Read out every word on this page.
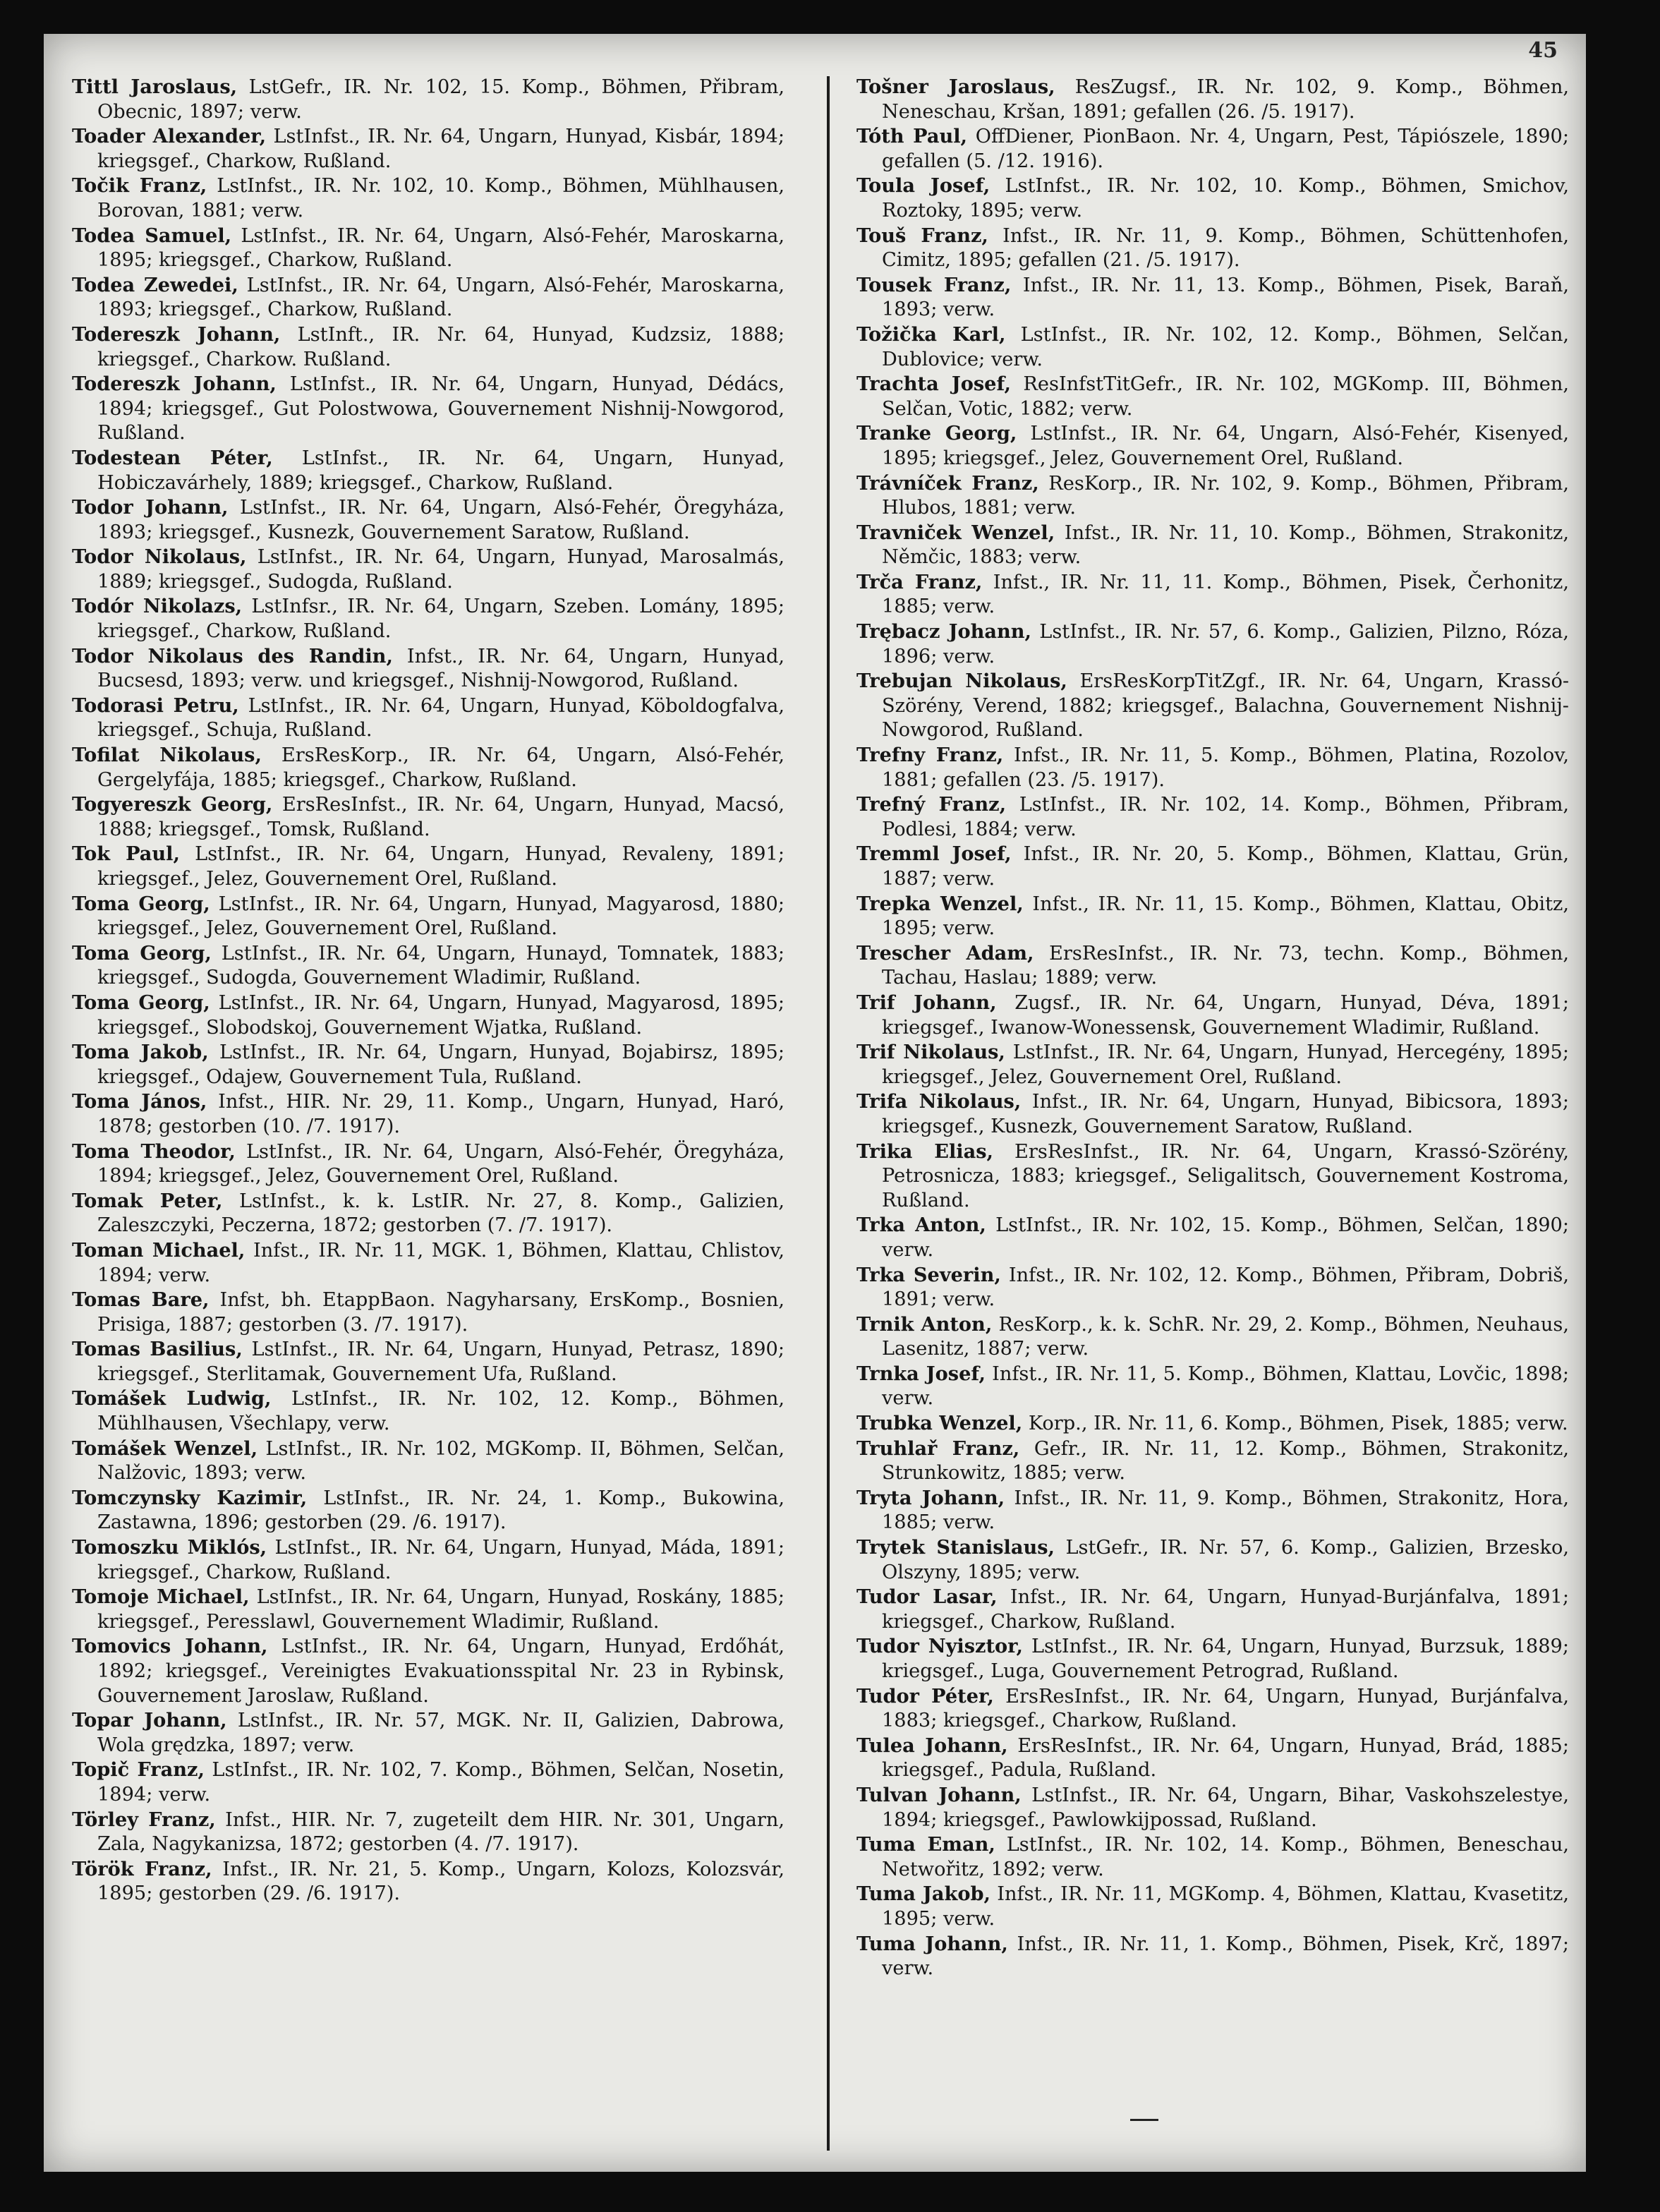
45

Tittl Jaroslaus, LstGefr., IR. Nr. 102, 15. Komp., Böhmen, Přibram, Obecnic, 1897; verw.

Toader Alexander, LstInfst., IR. Nr. 64, Ungarn, Hunyad, Kisbár, 1894; kriegsgef., Charkow, Rußland.

Točik Franz, LstInfst., IR. Nr. 102, 10. Komp., Böhmen, Mühlhausen, Borovan, 1881; verw.

Todea Samuel, LstInfst., IR. Nr. 64, Ungarn, Alsó-Fehér, Maroskarna, 1895; kriegsgef., Charkow, Rußland.

Todea Zewedei, LstInfst., IR. Nr. 64, Ungarn, Alsó-Fehér, Maroskarna, 1893; kriegsgef., Charkow, Rußland.

Todereszk Johann, LstInft., IR. Nr. 64, Hunyad, Kudzsiz, 1888; kriegsgef., Charkow. Rußland.

Todereszk Johann, LstInfst., IR. Nr. 64, Ungarn, Hunyad, Dédács, 1894; kriegsgef., Gut Polostwowa, Gouvernement Nishnij-Nowgorod, Rußland.

Todestean Péter, LstInfst., IR. Nr. 64, Ungarn, Hunyad, Hobiczavárhely, 1889; kriegsgef., Charkow, Rußland.

Todor Johann, LstInfst., IR. Nr. 64, Ungarn, Alsó-Fehér, Öregyháza, 1893; kriegsgef., Kusnezk, Gouvernement Saratow, Rußland.

Todor Nikolaus, LstInfst., IR. Nr. 64, Ungarn, Hunyad, Marosalmás, 1889; kriegsgef., Sudogda, Rußland.

Todór Nikolazs, LstInfsr., IR. Nr. 64, Ungarn, Szeben. Lomány, 1895; kriegsgef., Charkow, Rußland.

Todor Nikolaus des Randin, Infst., IR. Nr. 64, Ungarn, Hunyad, Bucsesd, 1893; verw. und kriegsgef., Nishnij-Nowgorod, Rußland.

Todorasi Petru, LstInfst., IR. Nr. 64, Ungarn, Hunyad, Köboldogfalva, kriegsgef., Schuja, Rußland.

Tofilat Nikolaus, ErsResKorp., IR. Nr. 64, Ungarn, Alsó-Fehér, Gergelyfája, 1885; kriegsgef., Charkow, Rußland.

Togyereszk Georg, ErsResInfst., IR. Nr. 64, Ungarn, Hunyad, Macsó, 1888; kriegsgef., Tomsk, Rußland.

Tok Paul, LstInfst., IR. Nr. 64, Ungarn, Hunyad, Revaleny, 1891; kriegsgef., Jelez, Gouvernement Orel, Rußland.

Toma Georg, LstInfst., IR. Nr. 64, Ungarn, Hunyad, Magyarosd, 1880; kriegsgef., Jelez, Gouvernement Orel, Rußland.

Toma Georg, LstInfst., IR. Nr. 64, Ungarn, Hunayd, Tomnatek, 1883; kriegsgef., Sudogda, Gouvernement Wladimir, Rußland.

Toma Georg, LstInfst., IR. Nr. 64, Ungarn, Hunyad, Magyarosd, 1895; kriegsgef., Slobodskoj, Gouvernement Wjatka, Rußland.

Toma Jakob, LstInfst., IR. Nr. 64, Ungarn, Hunyad, Bojabirsz, 1895; kriegsgef., Odajew, Gouvernement Tula, Rußland.

Toma János, Infst., HIR. Nr. 29, 11. Komp., Ungarn, Hunyad, Haró, 1878; gestorben (10. /7. 1917).

Toma Theodor, LstInfst., IR. Nr. 64, Ungarn, Alsó-Fehér, Öregyháza, 1894; kriegsgef., Jelez, Gouvernement Orel, Rußland.

Tomak Peter, LstInfst., k. k. LstIR. Nr. 27, 8. Komp., Galizien, Zaleszczyki, Peczerna, 1872; gestorben (7. /7. 1917).

Toman Michael, Infst., IR. Nr. 11, MGK. 1, Böhmen, Klattau, Chlistov, 1894; verw.

Tomas Bare, Infst, bh. EtappBaon. Nagyharsany, ErsKomp., Bosnien, Prisiga, 1887; gestorben (3. /7. 1917).

Tomas Basilius, LstInfst., IR. Nr. 64, Ungarn, Hunyad, Petrasz, 1890; kriegsgef., Sterlitamak, Gouvernement Ufa, Rußland.

Tomášek Ludwig, LstInfst., IR. Nr. 102, 12. Komp., Böhmen, Mühlhausen, Všechlapy, verw.

Tomášek Wenzel, LstInfst., IR. Nr. 102, MGKomp. II, Böhmen, Selčan, Nalžovic, 1893; verw.

Tomczynsky Kazimir, LstInfst., IR. Nr. 24, 1. Komp., Bukowina, Zastawna, 1896; gestorben (29. /6. 1917).

Tomoszku Miklós, LstInfst., IR. Nr. 64, Ungarn, Hunyad, Máda, 1891; kriegsgef., Charkow, Rußland.

Tomoje Michael, LstInfst., IR. Nr. 64, Ungarn, Hunyad, Roskány, 1885; kriegsgef., Peresslawl, Gouvernement Wladimir, Rußland.

Tomovics Johann, LstInfst., IR. Nr. 64, Ungarn, Hunyad, Erdőhát, 1892; kriegsgef., Vereinigtes Evakuationsspital Nr. 23 in Rybinsk, Gouvernement Jaroslaw, Rußland.

Topar Johann, LstInfst., IR. Nr. 57, MGK. Nr. II, Galizien, Dabrowa, Wola grędzka, 1897; verw.

Topič Franz, LstInfst., IR. Nr. 102, 7. Komp., Böhmen, Selčan, Nosetin, 1894; verw.

Törley Franz, Infst., HIR. Nr. 7, zugeteilt dem HIR. Nr. 301, Ungarn, Zala, Nagykanizsa, 1872; gestorben (4. /7. 1917).

Török Franz, Infst., IR. Nr. 21, 5. Komp., Ungarn, Kolozs, Kolozsvár, 1895; gestorben (29. /6. 1917).

Tošner Jaroslaus, ResZugsf., IR. Nr. 102, 9. Komp., Böhmen, Neneschau, Kršan, 1891; gefallen (26. /5. 1917).

Tóth Paul, OffDiener, PionBaon. Nr. 4, Ungarn, Pest, Tápiószele, 1890; gefallen (5. /12. 1916).

Toula Josef, LstInfst., IR. Nr. 102, 10. Komp., Böhmen, Smichov, Roztoky, 1895; verw.

Touš Franz, Infst., IR. Nr. 11, 9. Komp., Böhmen, Schüttenhofen, Cimitz, 1895; gefallen (21. /5. 1917).

Tousek Franz, Infst., IR. Nr. 11, 13. Komp., Böhmen, Pisek, Baraň, 1893; verw.

Tožička Karl, LstInfst., IR. Nr. 102, 12. Komp., Böhmen, Selčan, Dublovice; verw.

Trachta Josef, ResInfstTitGefr., IR. Nr. 102, MGKomp. III, Böhmen, Selčan, Votic, 1882; verw.

Tranke Georg, LstInfst., IR. Nr. 64, Ungarn, Alsó-Fehér, Kisenyed, 1895; kriegsgef., Jelez, Gouvernement Orel, Rußland.

Trávníček Franz, ResKorp., IR. Nr. 102, 9. Komp., Böhmen, Přibram, Hlubos, 1881; verw.

Travniček Wenzel, Infst., IR. Nr. 11, 10. Komp., Böhmen, Strakonitz, Němčic, 1883; verw.

Trča Franz, Infst., IR. Nr. 11, 11. Komp., Böhmen, Pisek, Čerhonitz, 1885; verw.

Trębacz Johann, LstInfst., IR. Nr. 57, 6. Komp., Galizien, Pilzno, Róza, 1896; verw.

Trebujan Nikolaus, ErsResKorpTitZgf., IR. Nr. 64, Ungarn, Krassó-Szörény, Verend, 1882; kriegsgef., Balachna, Gouvernement Nishnij-Nowgorod, Rußland.

Trefny Franz, Infst., IR. Nr. 11, 5. Komp., Böhmen, Platina, Rozolov, 1881; gefallen (23. /5. 1917).

Trefný Franz, LstInfst., IR. Nr. 102, 14. Komp., Böhmen, Přibram, Podlesi, 1884; verw.

Tremml Josef, Infst., IR. Nr. 20, 5. Komp., Böhmen, Klattau, Grün, 1887; verw.

Trepka Wenzel, Infst., IR. Nr. 11, 15. Komp., Böhmen, Klattau, Obitz, 1895; verw.

Trescher Adam, ErsResInfst., IR. Nr. 73, techn. Komp., Böhmen, Tachau, Haslau; 1889; verw.

Trif Johann, Zugsf., IR. Nr. 64, Ungarn, Hunyad, Déva, 1891; kriegsgef., Iwanow-Wonessensk, Gouvernement Wladimir, Rußland.

Trif Nikolaus, LstInfst., IR. Nr. 64, Ungarn, Hunyad, Hercegény, 1895; kriegsgef., Jelez, Gouvernement Orel, Rußland.

Trifa Nikolaus, Infst., IR. Nr. 64, Ungarn, Hunyad, Bibicsora, 1893; kriegsgef., Kusnezk, Gouvernement Saratow, Rußland.

Trika Elias, ErsResInfst., IR. Nr. 64, Ungarn, Krassó-Szörény, Petrosnicza, 1883; kriegsgef., Seligalitsch, Gouvernement Kostroma, Rußland.

Trka Anton, LstInfst., IR. Nr. 102, 15. Komp., Böhmen, Selčan, 1890; verw.

Trka Severin, Infst., IR. Nr. 102, 12. Komp., Böhmen, Přibram, Dobriš, 1891; verw.

Trnik Anton, ResKorp., k. k. SchR. Nr. 29, 2. Komp., Böhmen, Neuhaus, Lasenitz, 1887; verw.

Trnka Josef, Infst., IR. Nr. 11, 5. Komp., Böhmen, Klattau, Lovčic, 1898; verw.

Trubka Wenzel, Korp., IR. Nr. 11, 6. Komp., Böhmen, Pisek, 1885; verw.

Truhlař Franz, Gefr., IR. Nr. 11, 12. Komp., Böhmen, Strakonitz, Strunkowitz, 1885; verw.

Tryta Johann, Infst., IR. Nr. 11, 9. Komp., Böhmen, Strakonitz, Hora, 1885; verw.

Trytek Stanislaus, LstGefr., IR. Nr. 57, 6. Komp., Galizien, Brzesko, Olszyny, 1895; verw.

Tudor Lasar, Infst., IR. Nr. 64, Ungarn, Hunyad-Burjánfalva, 1891; kriegsgef., Charkow, Rußland.

Tudor Nyisztor, LstInfst., IR. Nr. 64, Ungarn, Hunyad, Burzsuk, 1889; kriegsgef., Luga, Gouvernement Petrograd, Rußland.

Tudor Péter, ErsResInfst., IR. Nr. 64, Ungarn, Hunyad, Burjánfalva, 1883; kriegsgef., Charkow, Rußland.

Tulea Johann, ErsResInfst., IR. Nr. 64, Ungarn, Hunyad, Brád, 1885; kriegsgef., Padula, Rußland.

Tulvan Johann, LstInfst., IR. Nr. 64, Ungarn, Bihar, Vaskohszelestye, 1894; kriegsgef., Pawlowkijpossad, Rußland.

Tuma Eman, LstInfst., IR. Nr. 102, 14. Komp., Böhmen, Beneschau, Netwořitz, 1892; verw.

Tuma Jakob, Infst., IR. Nr. 11, MGKomp. 4, Böhmen, Klattau, Kvasetitz, 1895; verw.

Tuma Johann, Infst., IR. Nr. 11, 1. Komp., Böhmen, Pisek, Krč, 1897; verw.
